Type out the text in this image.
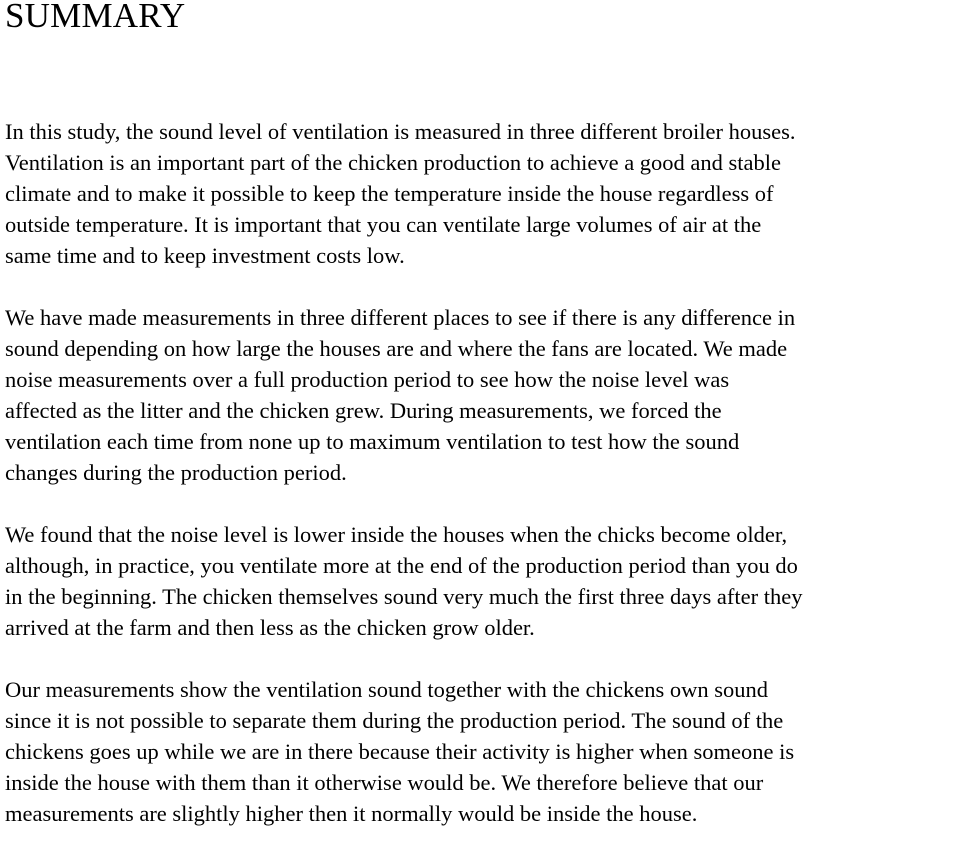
SUMMARY

In this study, the sound level of ventilation is measured in three different broiler houses.
Ventilation is an important part of the chicken production to achieve a good and stable
climate and to make it possible to keep the temperature inside the house regardless of
outside temperature. It is important that you can ventilate large volumes of air at the
same time and to keep investment costs low.

We have made measurements in three different places to see if there is any difference in
sound depending on how large the houses are and where the fans are located. We made
noise measurements over a full production period to see how the noise level was
affected as the litter and the chicken grew. During measurements, we forced the
ventilation each time from none up to maximum ventilation to test how the sound
changes during the production period.

We found that the noise level is lower inside the houses when the chicks become older,
although, in practice, you ventilate more at the end of the production period than you do
in the beginning. The chicken themselves sound very much the first three days after they
arrived at the farm and then less as the chicken grow older.

Our measurements show the ventilation sound together with the chickens own sound
since it is not possible to separate them during the production period. The sound of the
chickens goes up while we are in there because their activity is higher when someone is
inside the house with them than it otherwise would be. We therefore believe that our
measurements are slightly higher then it normally would be inside the house.
